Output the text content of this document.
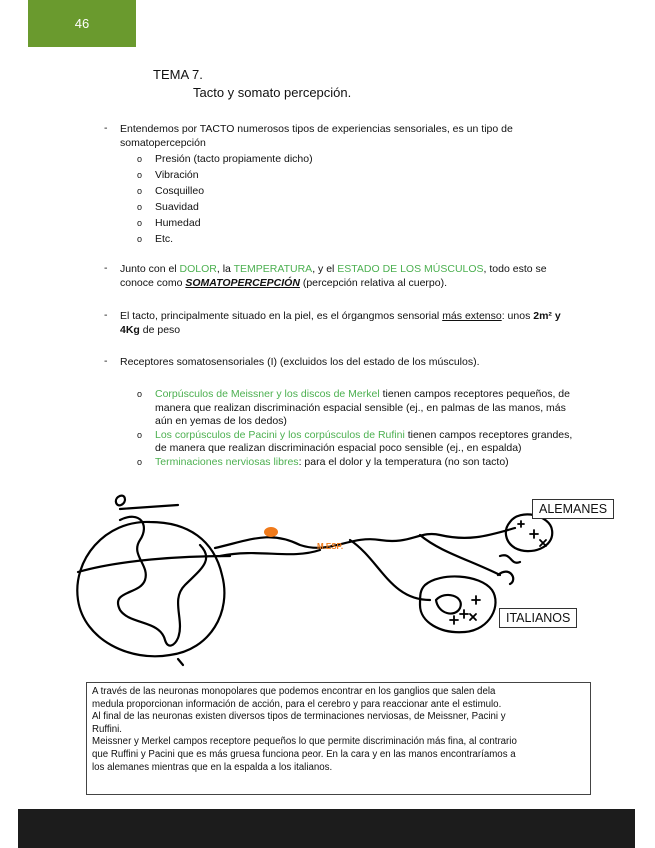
46
TEMA 7.
Tacto y somato percepción.
- Entendemos por TACTO numerosos tipos de experiencias sensoriales, es un tipo de somatopercepción
o Presión (tacto propiamente dicho)
o Vibración
o Cosquilleo
o Suavidad
o Humedad
o Etc.
- Junto con el DOLOR, la TEMPERATURA, y el ESTADO DE LOS MÚSCULOS, todo esto se conoce como SOMATOPERCEPCIÓN (percepción relativa al cuerpo).
- El tacto, principalmente situado en la piel, es el órgangmos sensorial más extenso: unos 2m² y 4Kg de peso
- Receptores somatosensoriales (I) (excluidos los del estado de los músculos).
o Corpúsculos de Meissner y los discos de Merkel tienen campos receptores pequeños, de manera que realizan discriminación espacial sensible (ej., en palmas de las manos, más aún en yemas de los dedos)
o Los corpúsculos de Pacini y los corpúsculos de Rufini tienen campos receptores grandes, de manera que realizan discriminación espacial poco sensible (ej., en espalda)
o Terminaciones nerviosas libres: para el dolor y la temperatura (no son tacto)
M.ESP.
ALEMANES
ITALIANOS
A través de las neuronas monopolares que podemos encontrar en los ganglios que salen dela
medula proporcionan información de acción, para el cerebro y para reaccionar ante el estimulo.
Al final de las neuronas existen diversos tipos de terminaciones nerviosas, de Meissner, Pacini y
Ruffini.
Meissner y Merkel campos receptore pequeños lo que permite discriminación más fina, al contrario
que Ruffini y Pacini que es más gruesa funciona peor. En la cara y en las manos encontraríamos a
los alemanes mientras que en la espalda a los italianos.
